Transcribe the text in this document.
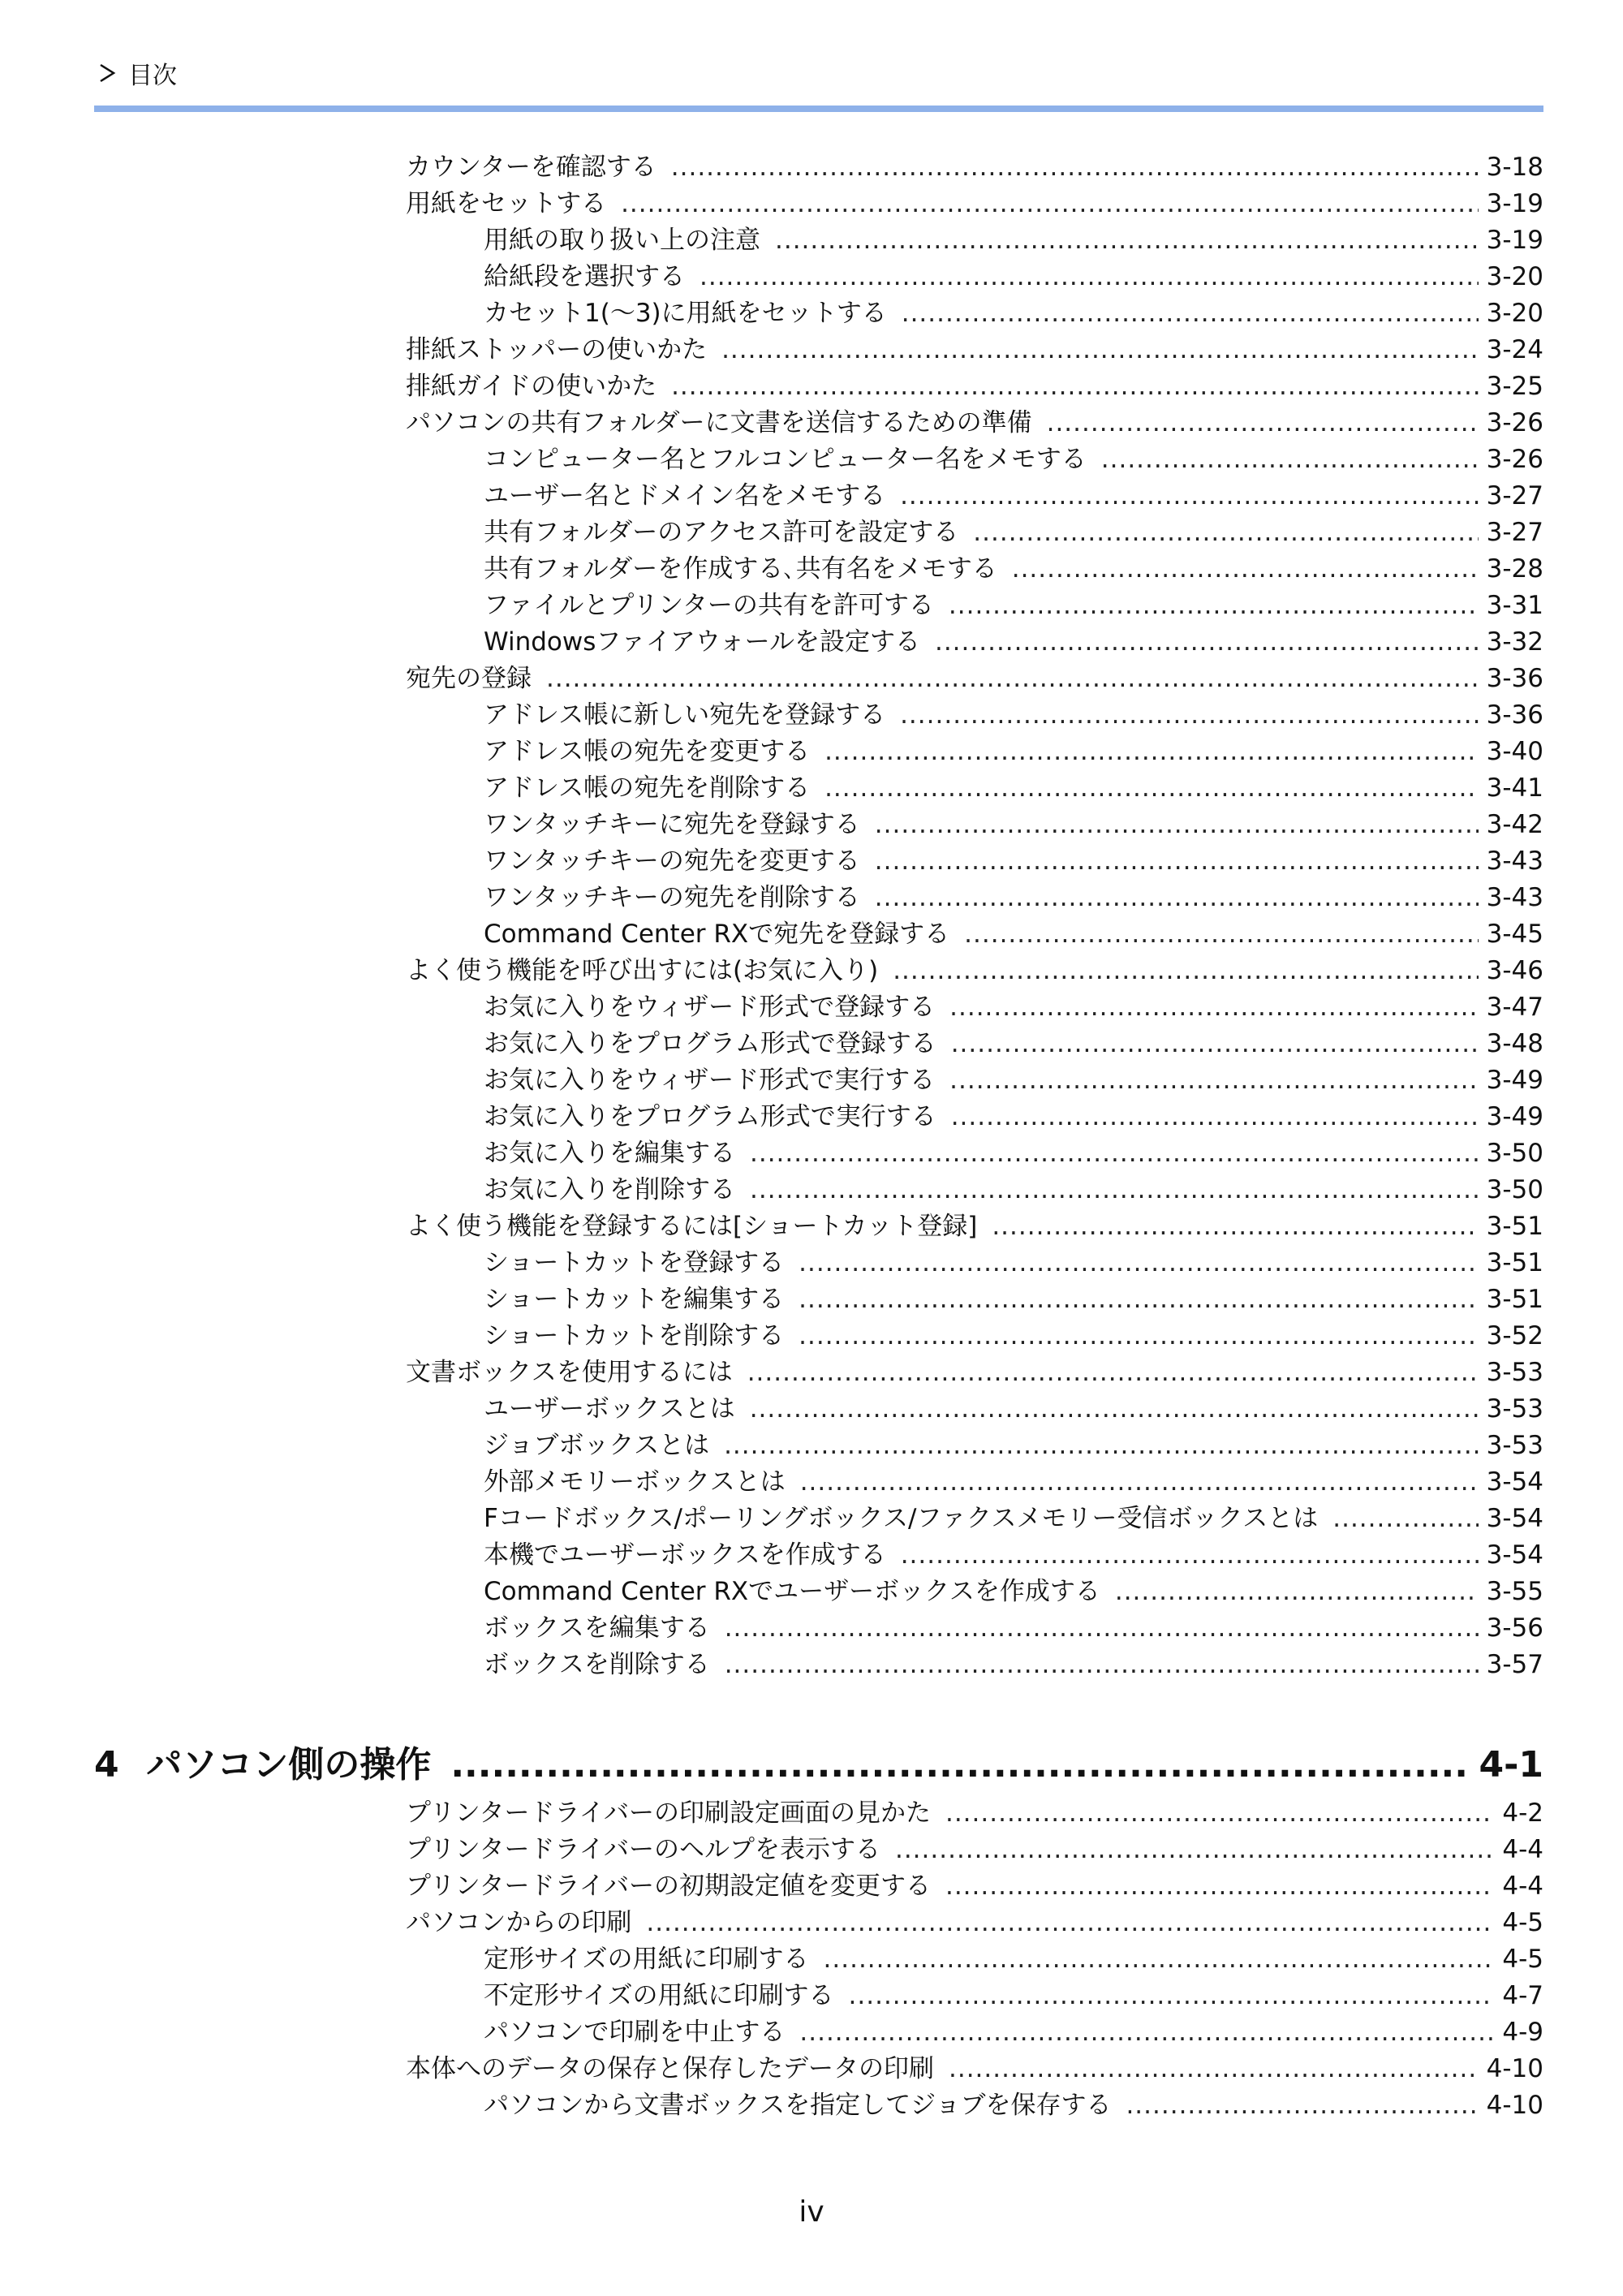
目次
カウンターを確認する .....	3-18
用紙をセットする .....	3-19
用紙の取り扱い上の注意 .....	3-19
給紙段を選択する .....	3-20
カセット1(〜3)に用紙をセットする .....	3-20
排紙ストッパーの使いかた .....	3-24
排紙ガイドの使いかた .....	3-25
パソコンの共有フォルダーに文書を送信するための準備 .....	3-26
コンピューター名とフルコンピューター名をメモする .....	3-26
ユーザー名とドメイン名をメモする .....	3-27
共有フォルダーのアクセス許可を設定する .....	3-27
共有フォルダーを作成する､共有名をメモする .....	3-28
ファイルとプリンターの共有を許可する .....	3-31
Windowsファイアウォールを設定する .....	3-32
宛先の登録 .....	3-36
アドレス帳に新しい宛先を登録する .....	3-36
アドレス帳の宛先を変更する .....	3-40
アドレス帳の宛先を削除する .....	3-41
ワンタッチキーに宛先を登録する .....	3-42
ワンタッチキーの宛先を変更する .....	3-43
ワンタッチキーの宛先を削除する .....	3-43
Command Center RXで宛先を登録する .....	3-45
よく使う機能を呼び出すには(お気に入り) .....	3-46
お気に入りをウィザード形式で登録する .....	3-47
お気に入りをプログラム形式で登録する .....	3-48
お気に入りをウィザード形式で実行する .....	3-49
お気に入りをプログラム形式で実行する .....	3-49
お気に入りを編集する .....	3-50
お気に入りを削除する .....	3-50
よく使う機能を登録するには[ショートカット登録] .....	3-51
ショートカットを登録する .....	3-51
ショートカットを編集する .....	3-51
ショートカットを削除する .....	3-52
文書ボックスを使用するには .....	3-53
ユーザーボックスとは .....	3-53
ジョブボックスとは .....	3-53
外部メモリーボックスとは .....	3-54
Fコードボックス/ポーリングボックス/ファクスメモリー受信ボックスとは .....	3-54
本機でユーザーボックスを作成する .....	3-54
Command Center RXでユーザーボックスを作成する .....	3-55
ボックスを編集する .....	3-56
ボックスを削除する .....	3-57
4 パソコン側の操作 .....	4-1
プリンタードライバーの印刷設定画面の見かた .....	4-2
プリンタードライバーのヘルプを表示する .....	4-4
プリンタードライバーの初期設定値を変更する .....	4-4
パソコンからの印刷 .....	4-5
定形サイズの用紙に印刷する .....	4-5
不定形サイズの用紙に印刷する .....	4-7
パソコンで印刷を中止する .....	4-9
本体へのデータの保存と保存したデータの印刷 .....	4-10
パソコンから文書ボックスを指定してジョブを保存する .....	4-10
iv
